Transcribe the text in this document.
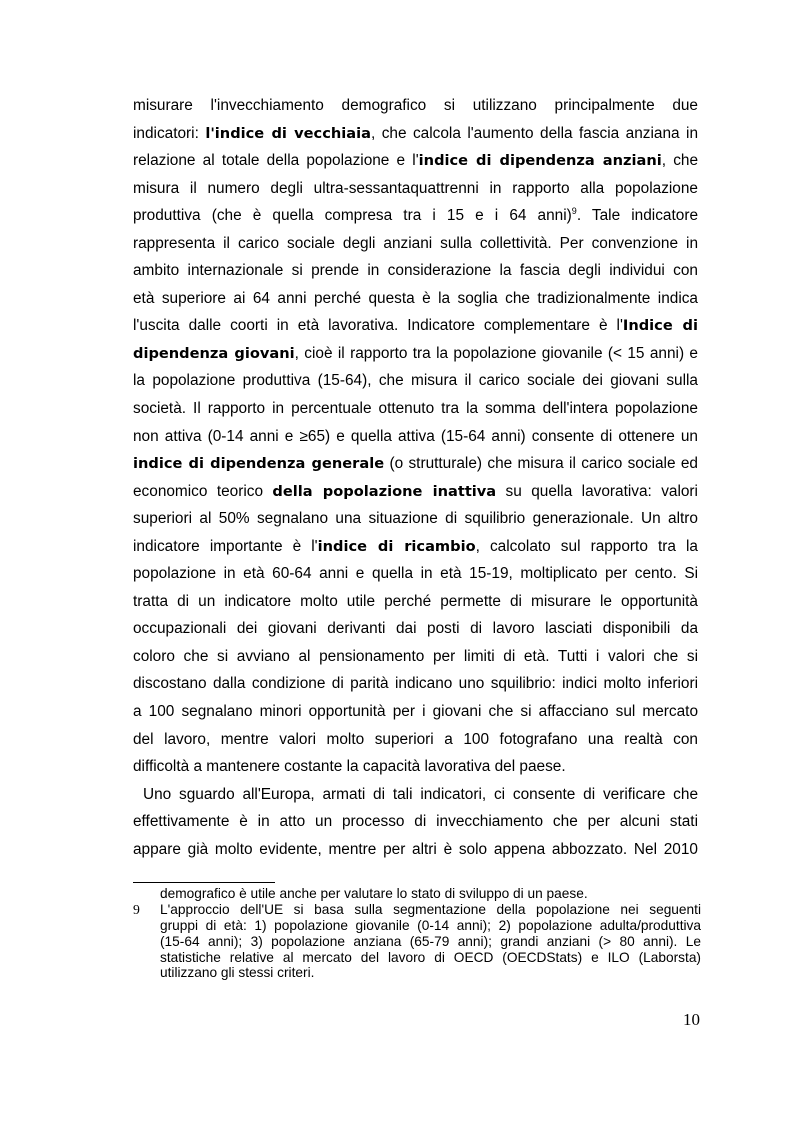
misurare l'invecchiamento demografico si utilizzano principalmente due
indicatori: l'indice di vecchiaia, che calcola l'aumento della fascia anziana in
relazione al totale della popolazione e l'indice di dipendenza anziani, che
misura il numero degli ultra-sessantaquattrenni in rapporto alla popolazione
produttiva (che è quella compresa tra i 15 e i 64 anni)$^9$. Tale indicatore
rappresenta il carico sociale degli anziani sulla collettività. Per convenzione in
ambito internazionale si prende in considerazione la fascia degli individui con
età superiore ai 64 anni perché questa è la soglia che tradizionalmente indica
l'uscita dalle coorti in età lavorativa. Indicatore complementare è l'Indice di
dipendenza giovani, cioè il rapporto tra la popolazione giovanile (< 15 anni) e
la popolazione produttiva (15-64), che misura il carico sociale dei giovani sulla
società. Il rapporto in percentuale ottenuto tra la somma dell'intera popolazione
non attiva (0-14 anni e ≥65) e quella attiva (15-64 anni) consente di ottenere un
indice di dipendenza generale (o strutturale) che misura il carico sociale ed
economico teorico della popolazione inattiva su quella lavorativa: valori
superiori al 50% segnalano una situazione di squilibrio generazionale. Un altro
indicatore importante è l'indice di ricambio, calcolato sul rapporto tra la
popolazione in età 60-64 anni e quella in età 15-19, moltiplicato per cento. Si
tratta di un indicatore molto utile perché permette di misurare le opportunità
occupazionali dei giovani derivanti dai posti di lavoro lasciati disponibili da
coloro che si avviano al pensionamento per limiti di età. Tutti i valori che si
discostano dalla condizione di parità indicano uno squilibrio: indici molto inferiori
a 100 segnalano minori opportunità per i giovani che si affacciano sul mercato
del lavoro, mentre valori molto superiori a 100 fotografano una realtà con
difficoltà a mantenere costante la capacità lavorativa del paese.
Uno sguardo all'Europa, armati di tali indicatori, ci consente di verificare che
effettivamente è in atto un processo di invecchiamento che per alcuni stati
appare già molto evidente, mentre per altri è solo appena abbozzato. Nel 2010
demografico è utile anche per valutare lo stato di sviluppo di un paese.
9 L'approccio dell'UE si basa sulla segmentazione della popolazione nei seguenti
gruppi di età: 1) popolazione giovanile (0-14 anni); 2) popolazione adulta/produttiva
(15-64 anni); 3) popolazione anziana (65-79 anni); grandi anziani (> 80 anni). Le
statistiche relative al mercato del lavoro di OECD (OECDStats) e ILO (Laborsta)
utilizzano gli stessi criteri.
10
